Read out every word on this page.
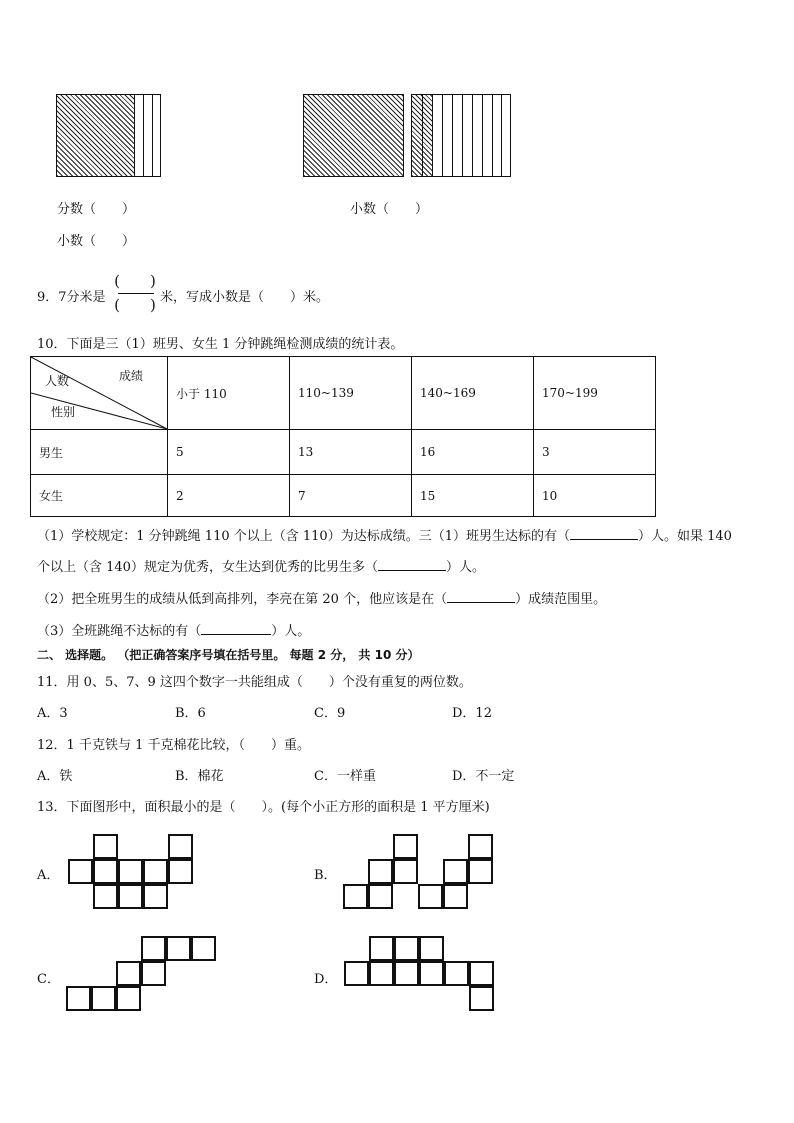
分数（　　）	小数（　　）
小数（　　）
9．7分米是
(　　)
(　　) 米，写成小数是（　　）米。
10．下面是三（1）班男、女生 1 分钟跳绳检测成绩的统计表。
人数 成绩
性别	小于 110	110~139	140~169	170~199
男生	5	13	16	3
女生	2	7	15	10
（1）学校规定：1 分钟跳绳 110 个以上（含 110）为达标成绩。三（1）班男生达标的有（	）人。如果 140
个以上（含 140）规定为优秀，女生达到优秀的比男生多（	）人。
（2）把全班男生的成绩从低到高排列，李亮在第 20 个，他应该是在（	）成绩范围里。
（3）全班跳绳不达标的有（	）人。
二、 选择题。 （把正确答案序号填在括号里。 每题 2 分， 共 10 分）
11．用 0、5、7、9 这四个数字一共能组成（　　）个没有重复的两位数。
A．3	B．6	C．9	D．12
12．1 千克铁与 1 千克棉花比较，（　　）重。
A．铁	B．棉花	C．一样重	D．不一定
13．下面图形中，面积最小的是（　　）。(每个小正方形的面积是 1 平方厘米)
A．	B．
C．	D．
